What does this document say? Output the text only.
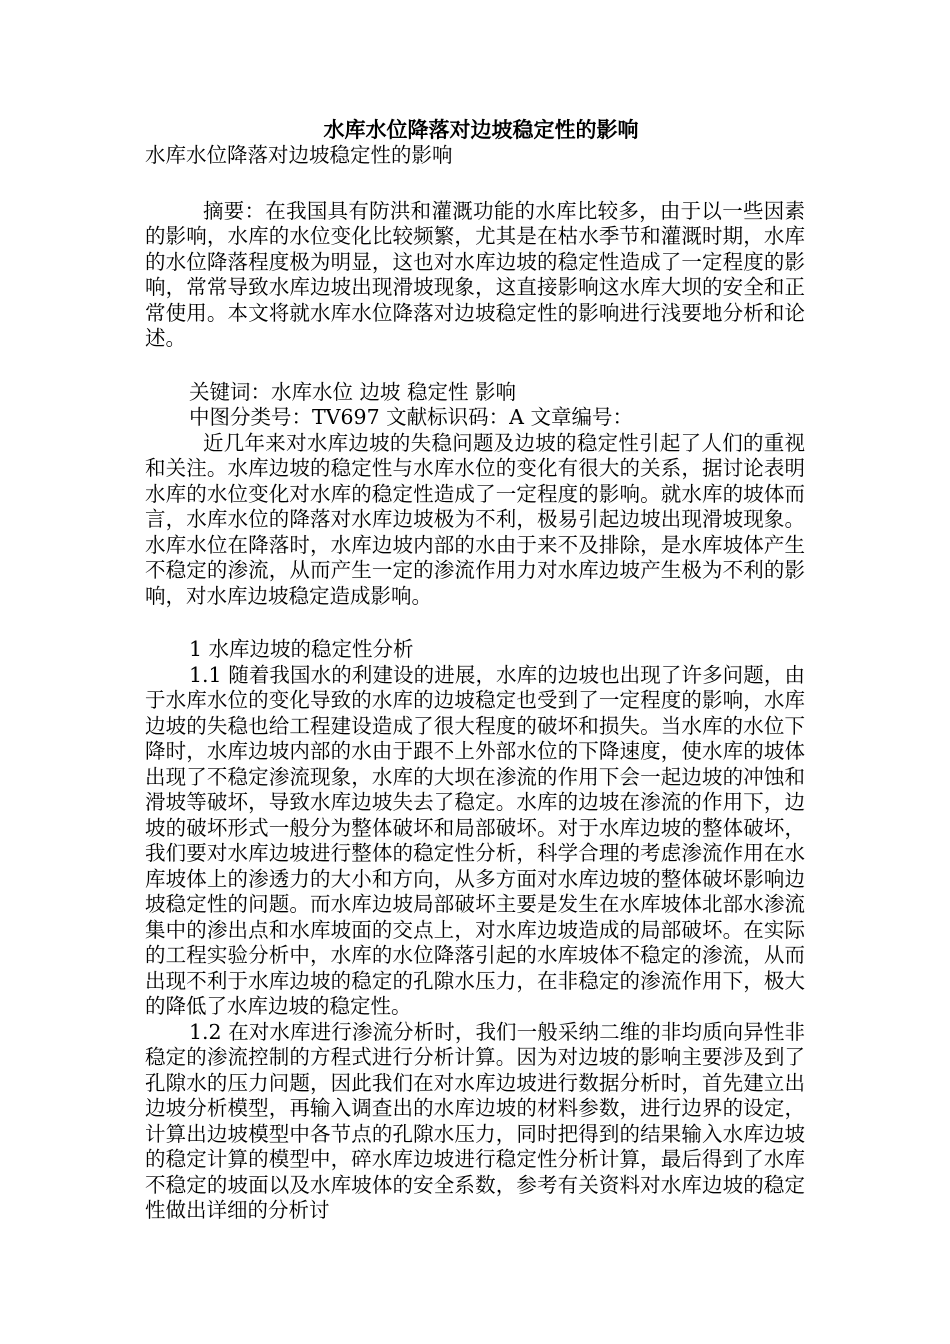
水库水位降落对边坡稳定性的影响

水库水位降落对边坡稳定性的影响

摘要：在我国具有防洪和灌溉功能的水库比较多，由于以一些因素的影响，水库的水位变化比较频繁，尤其是在枯水季节和灌溉时期，水库的水位降落程度极为明显，这也对水库边坡的稳定性造成了一定程度的影响，常常导致水库边坡出现滑坡现象，这直接影响这水库大坝的安全和正常使用。本文将就水库水位降落对边坡稳定性的影响进行浅要地分析和论述。

关键词：水库水位 边坡 稳定性 影响

中图分类号：TV697 文献标识码：A 文章编号：

近几年来对水库边坡的失稳问题及边坡的稳定性引起了人们的重视和关注。水库边坡的稳定性与水库水位的变化有很大的关系，据讨论表明水库的水位变化对水库的稳定性造成了一定程度的影响。就水库的坡体而言，水库水位的降落对水库边坡极为不利，极易引起边坡出现滑坡现象。水库水位在降落时，水库边坡内部的水由于来不及排除，是水库坡体产生不稳定的渗流，从而产生一定的渗流作用力对水库边坡产生极为不利的影响，对水库边坡稳定造成影响。

1 水库边坡的稳定性分析

1.1 随着我国水的利建设的进展，水库的边坡也出现了许多问题，由于水库水位的变化导致的水库的边坡稳定也受到了一定程度的影响，水库边坡的失稳也给工程建设造成了很大程度的破坏和损失。当水库的水位下降时，水库边坡内部的水由于跟不上外部水位的下降速度，使水库的坡体出现了不稳定渗流现象，水库的大坝在渗流的作用下会一起边坡的冲蚀和滑坡等破坏，导致水库边坡失去了稳定。水库的边坡在渗流的作用下，边坡的破坏形式一般分为整体破坏和局部破坏。对于水库边坡的整体破坏，我们要对水库边坡进行整体的稳定性分析，科学合理的考虑渗流作用在水库坡体上的渗透力的大小和方向，从多方面对水库边坡的整体破坏影响边坡稳定性的问题。而水库边坡局部破坏主要是发生在水库坡体北部水渗流集中的渗出点和水库坡面的交点上，对水库边坡造成的局部破坏。在实际的工程实验分析中，水库的水位降落引起的水库坡体不稳定的渗流，从而出现不利于水库边坡的稳定的孔隙水压力，在非稳定的渗流作用下，极大的降低了水库边坡的稳定性。

1.2 在对水库进行渗流分析时，我们一般采纳二维的非均质向异性非稳定的渗流控制的方程式进行分析计算。因为对边坡的影响主要涉及到了孔隙水的压力问题，因此我们在对水库边坡进行数据分析时，首先建立出边坡分析模型，再输入调查出的水库边坡的材料参数，进行边界的设定，计算出边坡模型中各节点的孔隙水压力，同时把得到的结果输入水库边坡的稳定计算的模型中，碎水库边坡进行稳定性分析计算，最后得到了水库不稳定的坡面以及水库坡体的安全系数，参考有关资料对水库边坡的稳定性做出详细的分析讨
